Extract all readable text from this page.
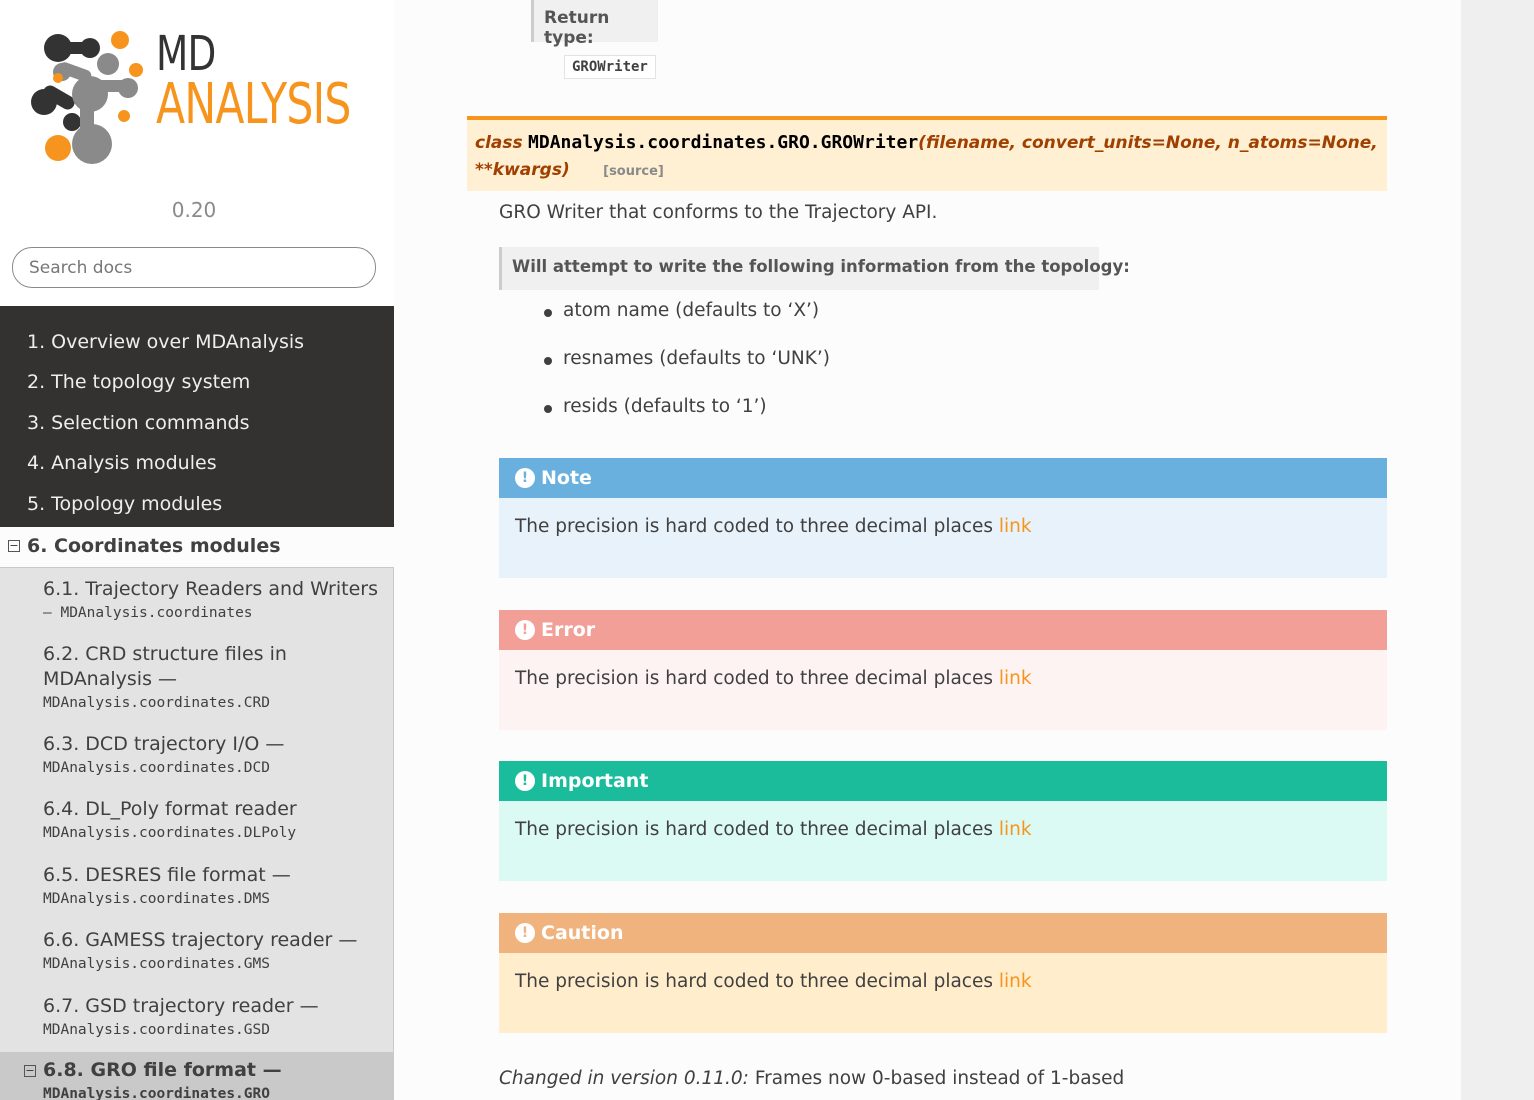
MD
ANALYSIS
0.20
Search docs
1. Overview over MDAnalysis
2. The topology system
3. Selection commands
4. Analysis modules
5. Topology modules
− 6. Coordinates modules
6.1. Trajectory Readers and Writers
— MDAnalysis.coordinates
6.2. CRD structure files in MDAnalysis —
MDAnalysis.coordinates.CRD
6.3. DCD trajectory I/O —
MDAnalysis.coordinates.DCD
6.4. DL_Poly format reader
MDAnalysis.coordinates.DLPoly
6.5. DESRES file format —
MDAnalysis.coordinates.DMS
6.6. GAMESS trajectory reader —
MDAnalysis.coordinates.GMS
6.7. GSD trajectory reader —
MDAnalysis.coordinates.GSD
− 6.8. GRO file format —
MDAnalysis.coordinates.GRO
Return type:
GROWriter
class MDAnalysis.coordinates.GRO.GROWriter(filename, convert_units=None, n_atoms=None, **kwargs)	[source]
GRO Writer that conforms to the Trajectory API.
Will attempt to write the following information from the topology:
atom name (defaults to ‘X’)
resnames (defaults to ‘UNK’)
resids (defaults to ‘1’)
! Note
The precision is hard coded to three decimal places link
! Error
The precision is hard coded to three decimal places link
! Important
The precision is hard coded to three decimal places link
! Caution
The precision is hard coded to three decimal places link
Changed in version 0.11.0: Frames now 0-based instead of 1-based
